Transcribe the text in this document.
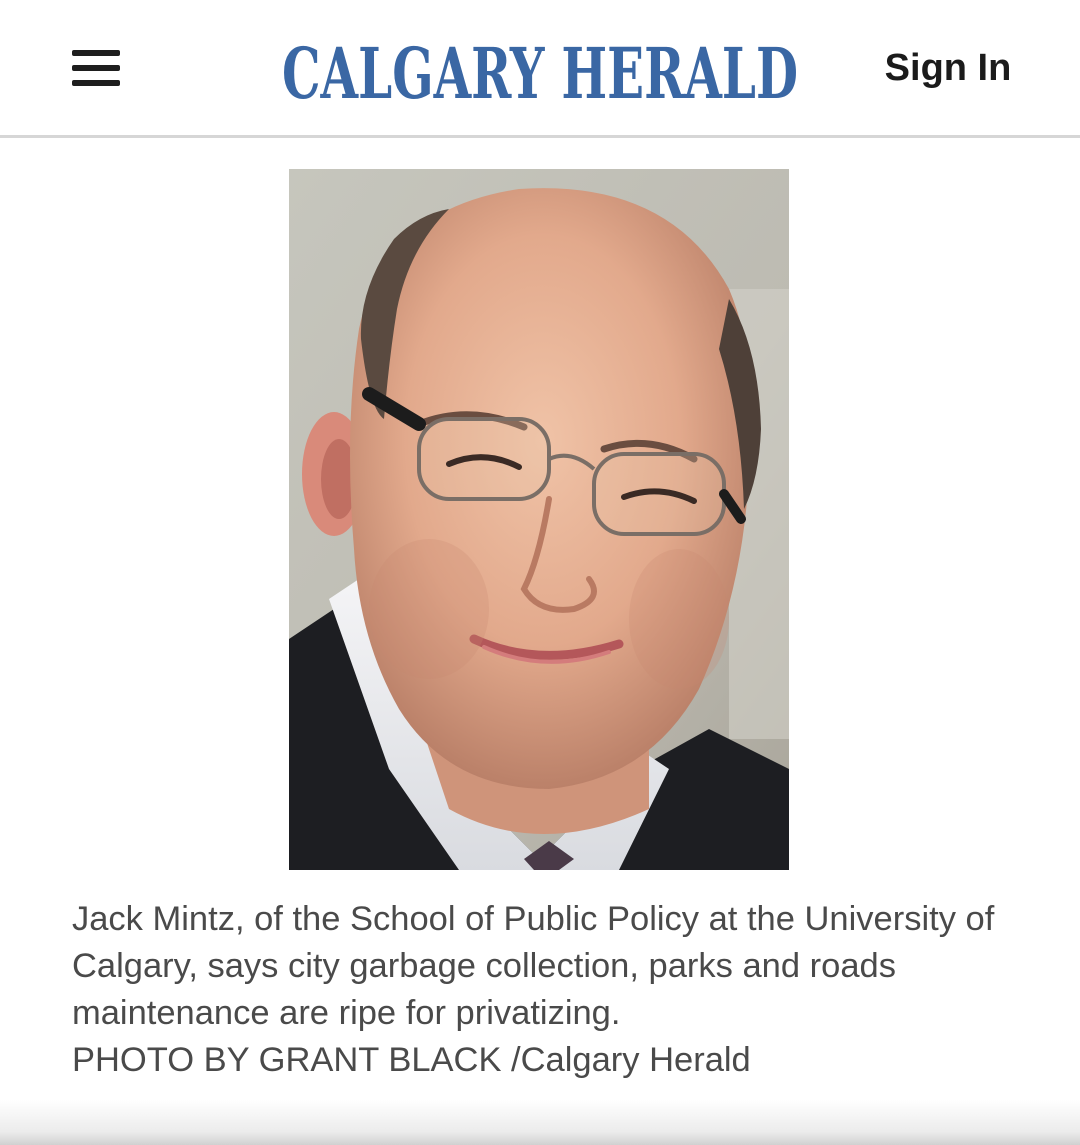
CALGARY HERALD	Sign In
Jack Mintz, of the School of Public Policy at the University of Calgary, says city garbage collection, parks and roads maintenance are ripe for privatizing.
PHOTO BY GRANT BLACK /Calgary Herald
